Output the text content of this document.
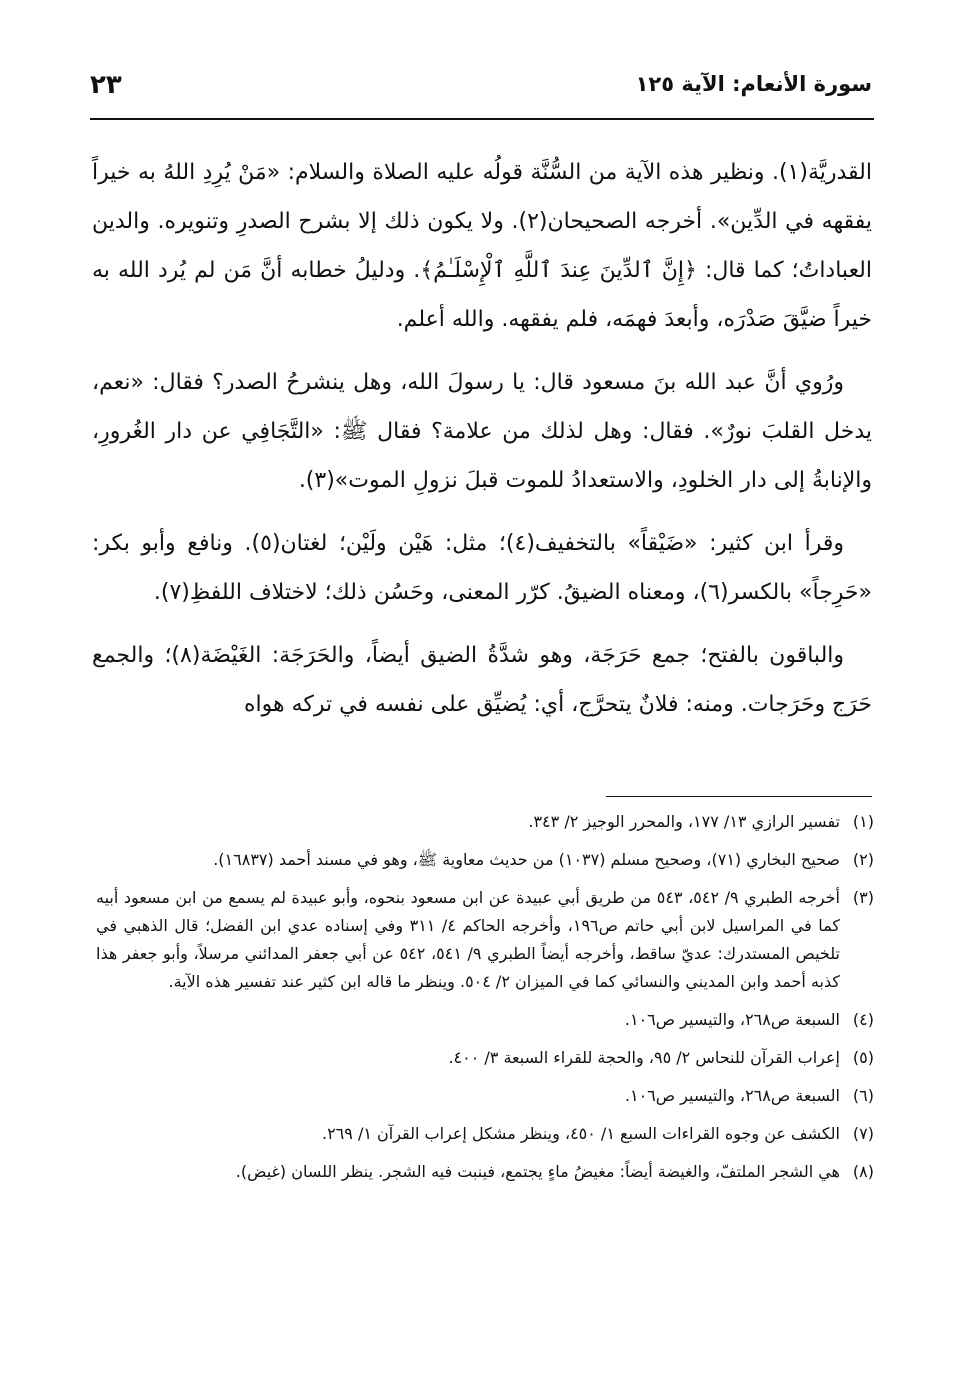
سورة الأنعام: الآية ١٢٥
٢٣

القدريَّة(١). ونظير هذه الآية من السُّنَّة قولُه عليه الصلاة والسلام: «مَنْ يُرِدِ اللهُ به خيراً يفقهه في الدِّين». أخرجه الصحيحان(٢). ولا يكون ذلك إلا بشرح الصدرِ وتنويره. والدين العباداتُ؛ كما قال: ﴿إِنَّ ٱلدِّينَ عِندَ ٱللَّهِ ٱلْإِسْلَـٰمُ﴾. ودليلُ خطابه أنَّ مَن لم يُرد الله به خيراً ضيَّقَ صَدْرَه، وأبعدَ فهمَه، فلم يفقهه. والله أعلم.

ورُوي أنَّ عبد الله بنَ مسعود قال: يا رسولَ الله، وهل ينشرحُ الصدر؟ فقال: «نعم، يدخل القلبَ نورٌ». فقال: وهل لذلك من علامة؟ فقال ﷺ: «التَّجَافِي عن دار الغُرورِ، والإنابةُ إلى دار الخلودِ، والاستعدادُ للموت قبلَ نزولِ الموت»(٣).

وقرأ ابن كثير: «ضَيْقاً» بالتخفيف(٤)؛ مثل: هَيْن ولَيْن؛ لغتان(٥). ونافع وأبو بكر: «حَرِجاً» بالكسر(٦)، ومعناه الضيقُ. كرّر المعنى، وحَسُن ذلك؛ لاختلاف اللفظِ(٧).

والباقون بالفتح؛ جمع حَرَجَة، وهو شدَّةُ الضيق أيضاً، والحَرَجَة: الغَيْضَة(٨)؛ والجمع حَرَج وحَرَجات. ومنه: فلانٌ يتحرَّج، أي: يُضيِّق على نفسه في تركه هواه

(١)
تفسير الرازي ١٣/ ١٧٧، والمحرر الوجيز ٢/ ٣٤٣.
(٢)
صحيح البخاري (٧١)، وصحيح مسلم (١٠٣٧) من حديث معاوية ﷺ، وهو في مسند أحمد (١٦٨٣٧).
(٣)
أخرجه الطبري ٩/ ٥٤٢، ٥٤٣ من طريق أبي عبيدة عن ابن مسعود بنحوه، وأبو عبيدة لم يسمع من ابن مسعود أبيه كما في المراسيل لابن أبي حاتم ص١٩٦، وأخرجه الحاكم ٤/ ٣١١ وفي إسناده عدي ابن الفضل؛ قال الذهبي في تلخيص المستدرك: عديّ ساقط، وأخرجه أيضاً الطبري ٩/ ٥٤١، ٥٤٢ عن أبي جعفر المدائني مرسلاً، وأبو جعفر هذا كذبه أحمد وابن المديني والنسائي كما في الميزان ٢/ ٥٠٤. وينظر ما قاله ابن كثير عند تفسير هذه الآية.
(٤)
السبعة ص٢٦٨، والتيسير ص١٠٦.
(٥)
إعراب القرآن للنحاس ٢/ ٩٥، والحجة للقراء السبعة ٣/ ٤٠٠.
(٦)
السبعة ص٢٦٨، والتيسير ص١٠٦.
(٧)
الكشف عن وجوه القراءات السبع ١/ ٤٥٠، وينظر مشكل إعراب القرآن ١/ ٢٦٩.
(٨)
هي الشجر الملتفّ، والغيضة أيضاً: مغيضُ ماءٍ يجتمع، فينبت فيه الشجر. ينظر اللسان (غيض).
